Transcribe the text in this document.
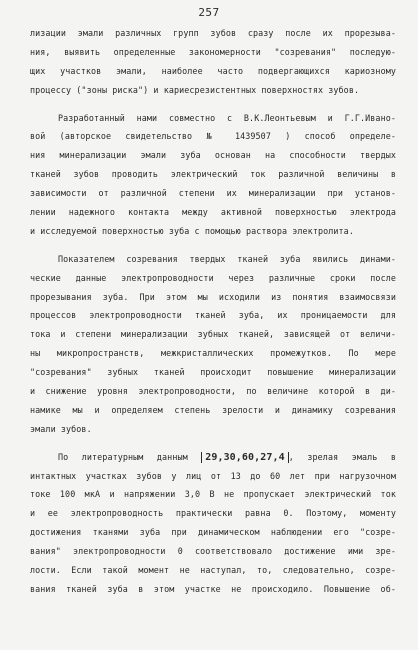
257
лизации эмали различных групп зубов сразу после их прорезыва-
ния, выявить определенные закономерности "созревания" последую-
щих участков эмали, наиболее часто подвергающихся кариозному
процессу ("зоны риска") и кариесрезистентных поверхностях зубов.
Разработанный нами совместно с В.К.Леонтьевым и Г.Г.Ивано-
вой (авторское свидетельство № 1439507 ) способ определе-
ния минерализации эмали зуба основан на способности твердых
тканей зубов проводить электрический ток различной величины в
зависимости от различной степени их минерализации при установ-
лении надежного контакта между активной поверхностью электрода
и исследуемой поверхностью зуба с помощью раствора электролита.
Показателем созревания твердых тканей зуба явились динами-
ческие данные электропроводности через различные сроки после
прорезывания зуба. При этом мы исходили из понятия взаимосвязи
процессов электропроводности тканей зуба, их проницаемости для
тока и степени минерализации зубных тканей, зависящей от величи-
ны микропространств, межкристаллических промежутков. По мере
"созревания" зубных тканей происходит повышение минерализации
и снижение уровня электропроводности, по величине которой в ди-
намике мы и определяем степень зрелости и динамику созревания
эмали зубов.
По литературным данным 29,30,60,27,4 , зрелая эмаль в
интактных участках зубов у лиц от 13 до 60 лет при нагрузочном
токе 100 мкА и напряжении 3,0 В не пропускает электрический ток
и ее электропроводность практически равна 0. Поэтому, моменту
достижения тканями зуба при динамическом наблюдении его "созре-
вания" электропроводности 0 соответствовало достижение ими зре-
лости. Если такой момент не наступал, то, следовательно, созре-
вания тканей зуба в этом участке не происходило. Повышение об-
